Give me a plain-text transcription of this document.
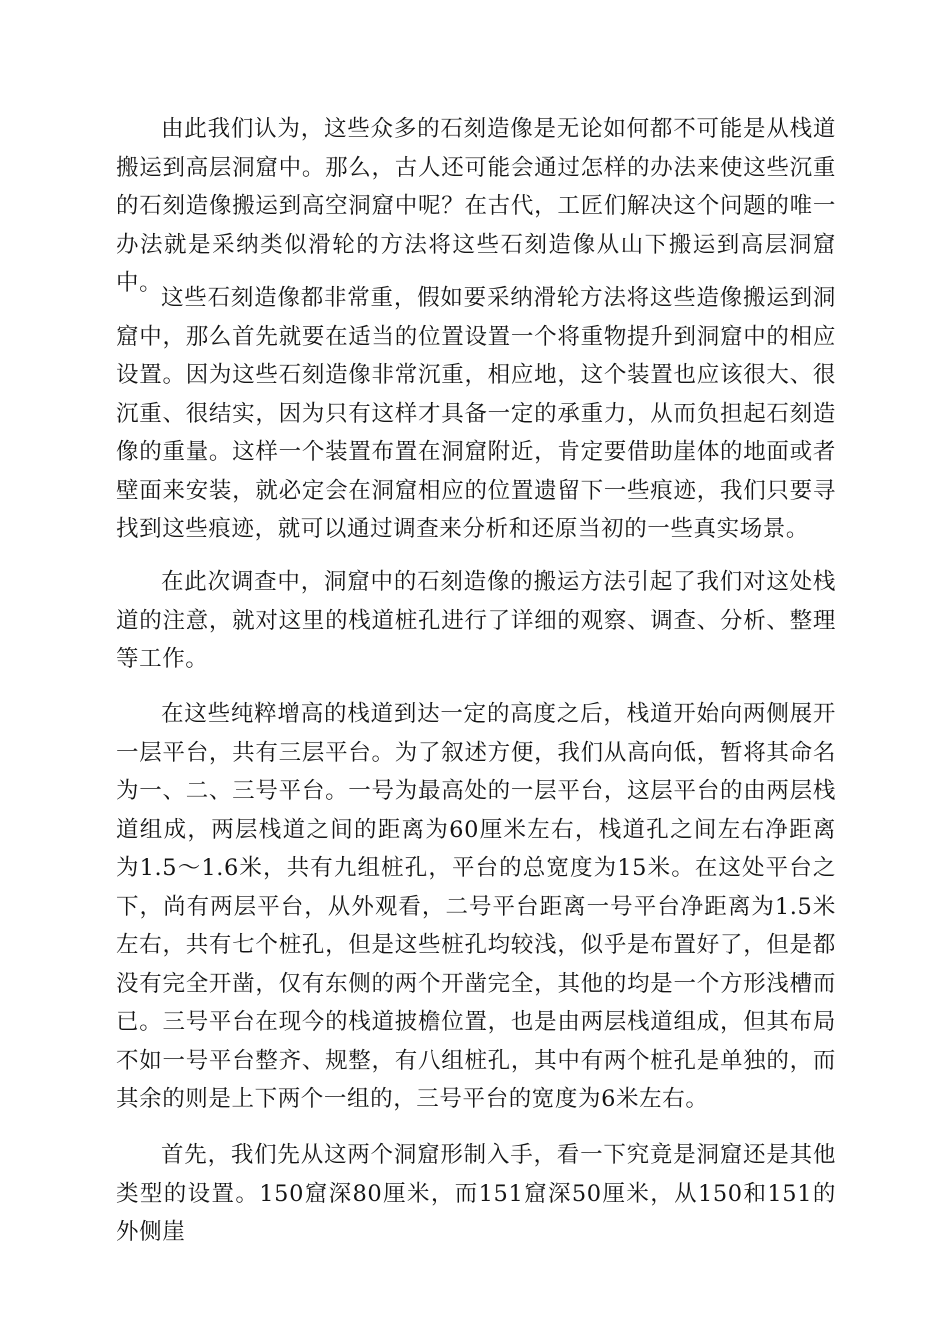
由此我们认为，这些众多的石刻造像是无论如何都不可能是从栈道搬运到高层洞窟中。那么，古人还可能会通过怎样的办法来使这些沉重的石刻造像搬运到高空洞窟中呢？在古代，工匠们解决这个问题的唯一办法就是采纳类似滑轮的方法将这些石刻造像从山下搬运到高层洞窟中。

这些石刻造像都非常重，假如要采纳滑轮方法将这些造像搬运到洞窟中，那么首先就要在适当的位置设置一个将重物提升到洞窟中的相应设置。因为这些石刻造像非常沉重，相应地，这个装置也应该很大、很沉重、很结实，因为只有这样才具备一定的承重力，从而负担起石刻造像的重量。这样一个装置布置在洞窟附近，肯定要借助崖体的地面或者壁面来安装，就必定会在洞窟相应的位置遗留下一些痕迹，我们只要寻找到这些痕迹，就可以通过调查来分析和还原当初的一些真实场景。

在此次调查中，洞窟中的石刻造像的搬运方法引起了我们对这处栈道的注意，就对这里的栈道桩孔进行了详细的观察、调查、分析、整理等工作。

在这些纯粹增高的栈道到达一定的高度之后，栈道开始向两侧展开一层平台，共有三层平台。为了叙述方便，我们从高向低，暂将其命名为一、二、三号平台。一号为最高处的一层平台，这层平台的由两层栈道组成，两层栈道之间的距离为60厘米左右，栈道孔之间左右净距离为1.5～1.6米，共有九组桩孔，平台的总宽度为15米。在这处平台之下，尚有两层平台，从外观看，二号平台距离一号平台净距离为1.5米左右，共有七个桩孔，但是这些桩孔均较浅，似乎是布置好了，但是都没有完全开凿，仅有东侧的两个开凿完全，其他的均是一个方形浅槽而已。三号平台在现今的栈道披檐位置，也是由两层栈道组成，但其布局不如一号平台整齐、规整，有八组桩孔，其中有两个桩孔是单独的，而其余的则是上下两个一组的，三号平台的宽度为6米左右。

首先，我们先从这两个洞窟形制入手，看一下究竟是洞窟还是其他类型的设置。150窟深80厘米，而151窟深50厘米，从150和151的外侧崖
